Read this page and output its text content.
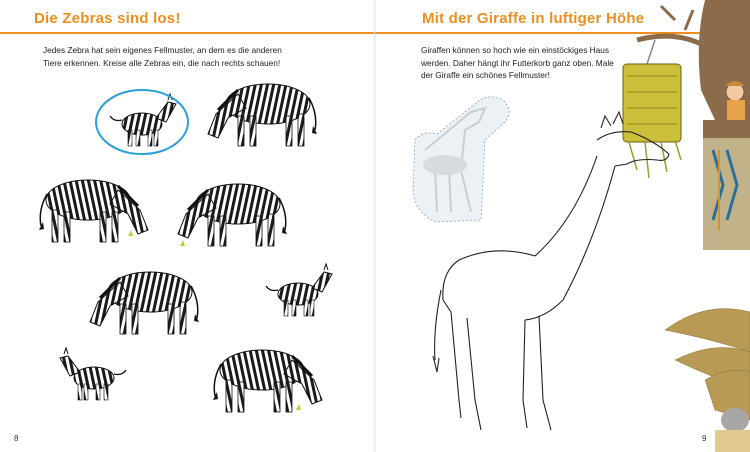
Die Zebras sind los!
Jedes Zebra hat sein eigenes Fellmuster, an dem es die anderen Tiere erkennen. Kreise alle Zebras ein, die nach rechts schauen!
8
Mit der Giraffe in luftiger Höhe
Giraffen können so hoch wie ein einstöckiges Haus werden. Daher hängt ihr Futterkorb ganz oben. Male der Giraffe ein schönes Fellmuster!
9
